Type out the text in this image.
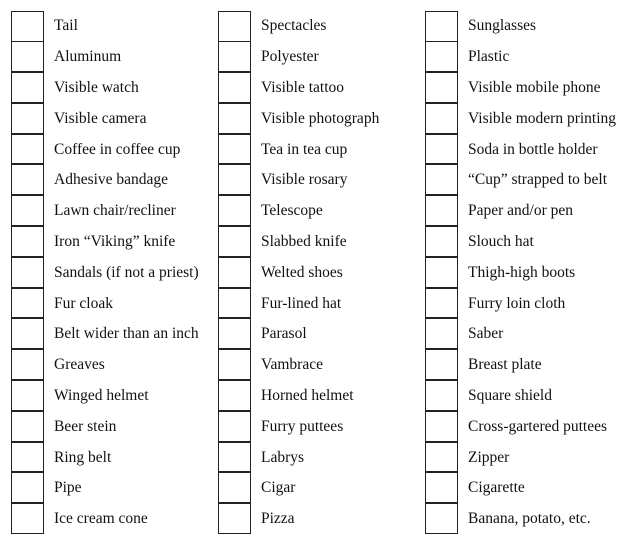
Tail
Aluminum
Visible watch
Visible camera
Coffee in coffee cup
Adhesive bandage
Lawn chair/recliner
Iron “Viking” knife
Sandals (if not a priest)
Fur cloak
Belt wider than an inch
Greaves
Winged helmet
Beer stein
Ring belt
Pipe
Ice cream cone
Spectacles
Polyester
Visible tattoo
Visible photograph
Tea in tea cup
Visible rosary
Telescope
Slabbed knife
Welted shoes
Fur-lined hat
Parasol
Vambrace
Horned helmet
Furry puttees
Labrys
Cigar
Pizza
Sunglasses
Plastic
Visible mobile phone
Visible modern printing
Soda in bottle holder
“Cup” strapped to belt
Paper and/or pen
Slouch hat
Thigh-high boots
Furry loin cloth
Saber
Breast plate
Square shield
Cross-gartered puttees
Zipper
Cigarette
Banana, potato, etc.
